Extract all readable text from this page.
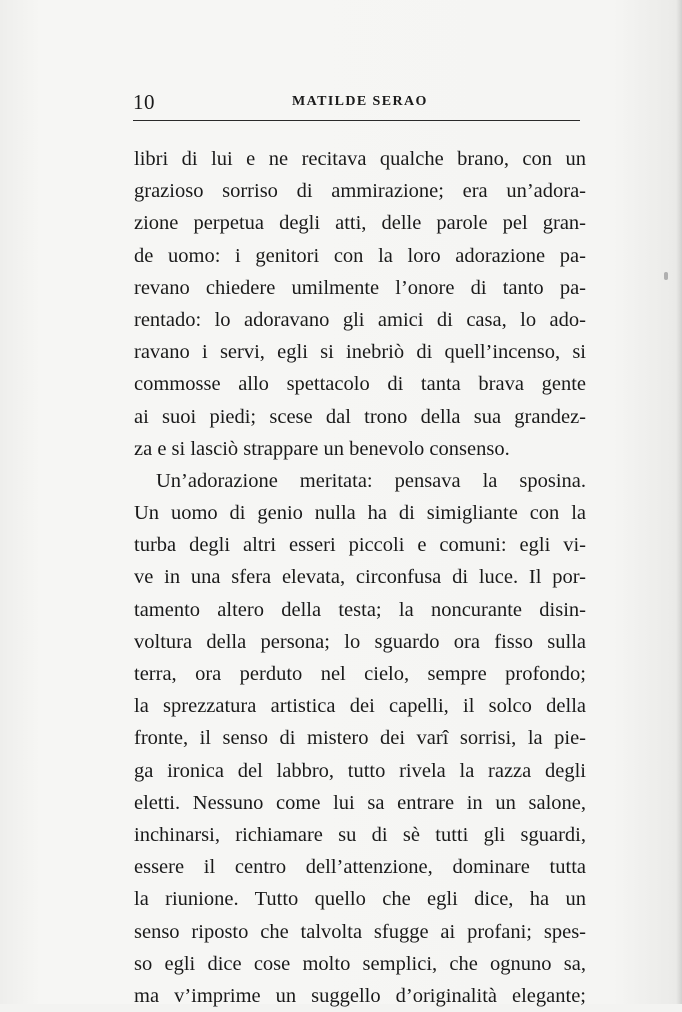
10	MATILDE SERAO
libri di lui e ne recitava qualche brano, con un
grazioso sorriso di ammirazione; era un’adora-
zione perpetua degli atti, delle parole pel gran-
de uomo: i genitori con la loro adorazione pa-
revano chiedere umilmente l’onore di tanto pa-
rentado: lo adoravano gli amici di casa, lo ado-
ravano i servi, egli si inebriò di quell’incenso, si
commosse allo spettacolo di tanta brava gente
ai suoi piedi; scese dal trono della sua grandez-
za e si lasciò strappare un benevolo consenso.
Un’adorazione meritata: pensava la sposina.
Un uomo di genio nulla ha di simigliante con la
turba degli altri esseri piccoli e comuni: egli vi-
ve in una sfera elevata, circonfusa di luce. Il por-
tamento altero della testa; la noncurante disin-
voltura della persona; lo sguardo ora fisso sulla
terra, ora perduto nel cielo, sempre profondo;
la sprezzatura artistica dei capelli, il solco della
fronte, il senso di mistero dei varî sorrisi, la pie-
ga ironica del labbro, tutto rivela la razza degli
eletti. Nessuno come lui sa entrare in un salone,
inchinarsi, richiamare su di sè tutti gli sguardi,
essere il centro dell’attenzione, dominare tutta
la riunione. Tutto quello che egli dice, ha un
senso riposto che talvolta sfugge ai profani; spes-
so egli dice cose molto semplici, che ognuno sa,
ma v’imprime un suggello d’originalità elegante;
